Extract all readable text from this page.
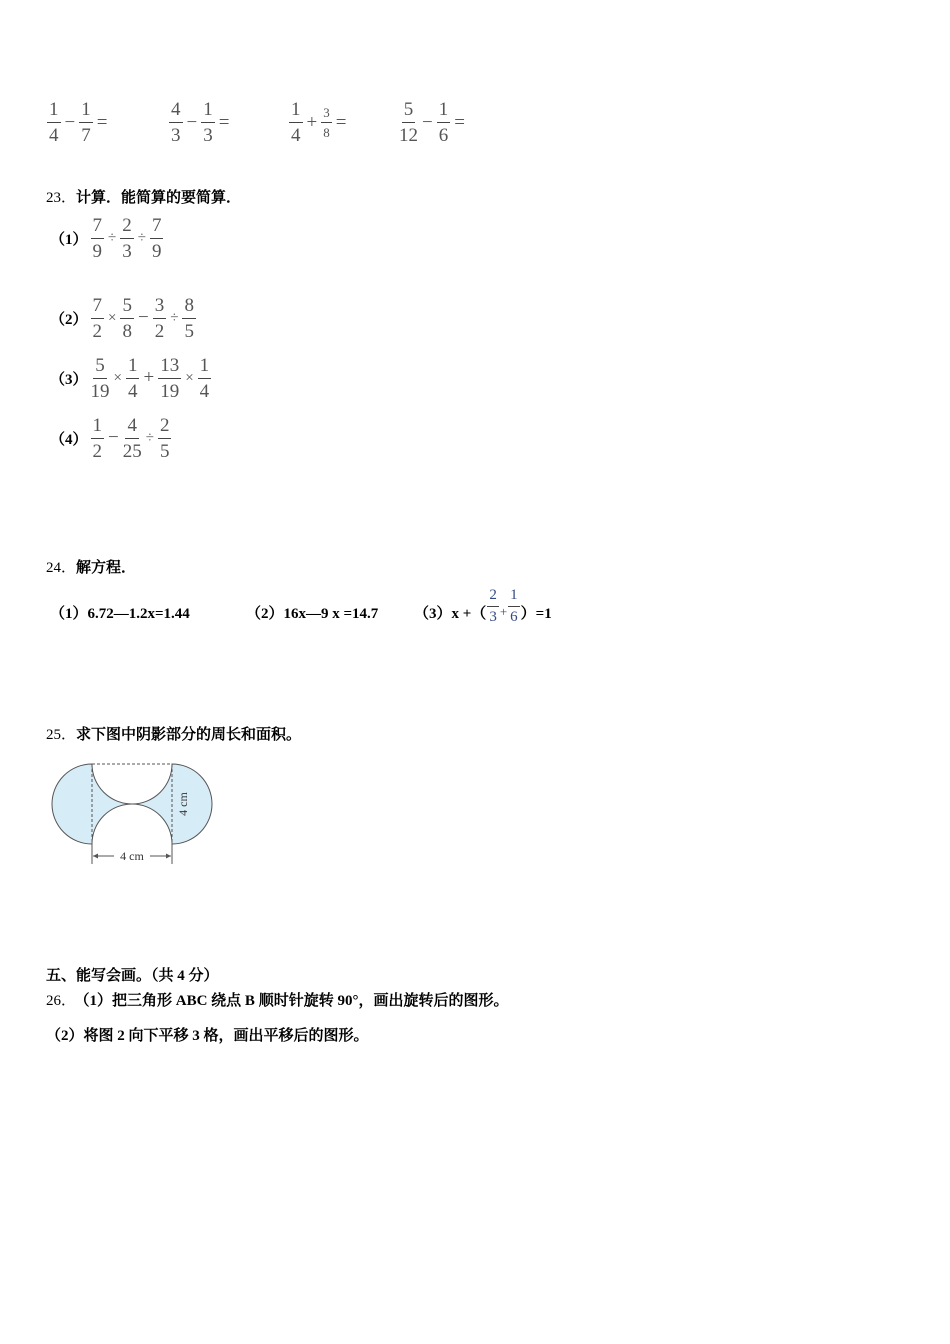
$\frac{1}{4} - \frac{1}{7}$ =	$\frac{4}{3} - \frac{1}{3}$ =	$\frac{1}{4} + \frac{3}{8}$ =	$\frac{5}{12} - \frac{1}{6}$ =
23．计算．能简算的要简算．
$(1) \frac{7}{9} \div \frac{2}{3} \div \frac{7}{9}$
$(2) \frac{7}{2} \times \frac{5}{8} - \frac{3}{2} \div \frac{8}{5}$
$(3) \frac{5}{19} \times \frac{1}{4} + \frac{13}{19} \times \frac{1}{4}$
$(4) \frac{1}{2} - \frac{4}{25} \div \frac{2}{5}$
24．解方程．
（1）6.72—1.2x=1.44	（2）16x—9 x =14.7 （3）x +（ $\frac{2}{3} + \frac{1}{6} )=1$
25．求下图中阴影部分的周长和面积。
4 cm
4 cm
五、能写会画。（共 4 分）
26． （1）把三角形 ABC 绕点 B 顺时针旋转 90°，画出旋转后的图形。
（2）将图 2 向下平移 3 格，画出平移后的图形。
